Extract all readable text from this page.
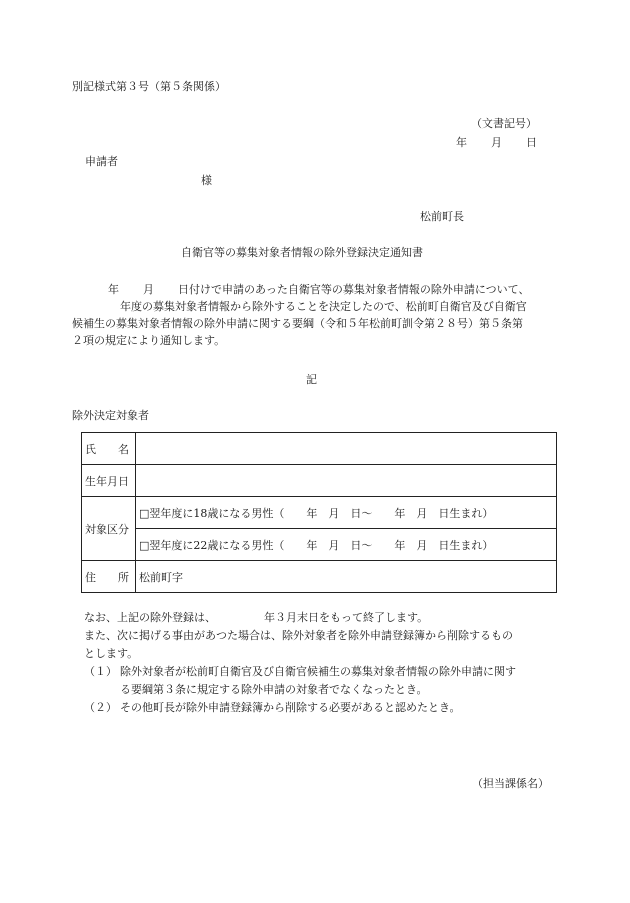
別記様式第３号（第５条関係）
（文書記号）
年 月 日
申請者
様
松前町長
自衛官等の募集対象者情報の除外登録決定通知書
年 月 日付けで申請のあった自衛官等の募集対象者情報の除外申請について、
年度の募集対象者情報から除外することを決定したので、松前町自衛官及び自衛官
候補生の募集対象者情報の除外申請に関する要綱（令和５年松前町訓令第２８号）第５条第
２項の規定により通知します。
記
除外決定対象者
氏　　名	
生年月日	
対象区分	□翌年度に18歳になる男性（　　年　月　日～　　年　月　日生まれ）
	□翌年度に22歳になる男性（　　年　月　日～　　年　月　日生まれ）
住　　所	松前町字
なお、上記の除外登録は、	年３月末日をもって終了します。
また、次に掲げる事由があつた場合は、除外対象者を除外申請登録簿から削除するもの
とします。
（１） 除外対象者が松前町自衛官及び自衛官候補生の募集対象者情報の除外申請に関す
る要綱第３条に規定する除外申請の対象者でなくなったとき。
（２） その他町長が除外申請登録簿から削除する必要があると認めたとき。
（担当課係名）
